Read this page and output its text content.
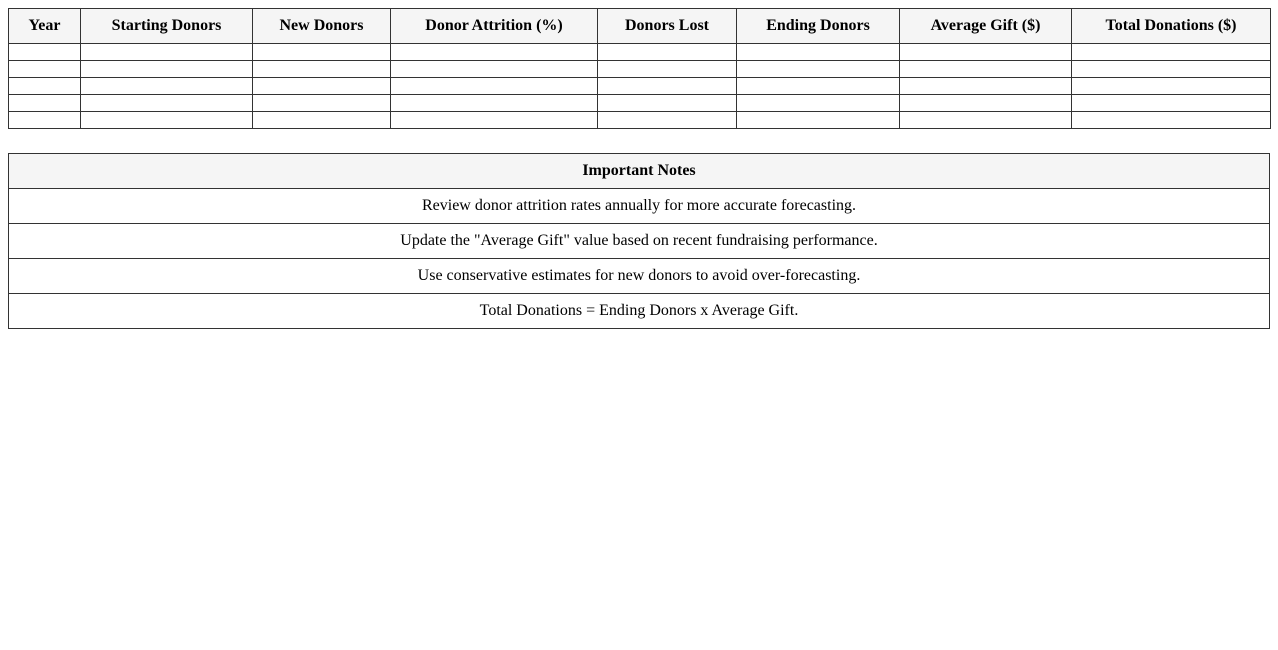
Year	Starting Donors	New Donors	Donor Attrition (%)	Donors Lost	Ending Donors	Average Gift ($)	Total Donations ($)

Important Notes
Review donor attrition rates annually for more accurate forecasting.
Update the "Average Gift" value based on recent fundraising performance.
Use conservative estimates for new donors to avoid over-forecasting.
Total Donations = Ending Donors x Average Gift.
